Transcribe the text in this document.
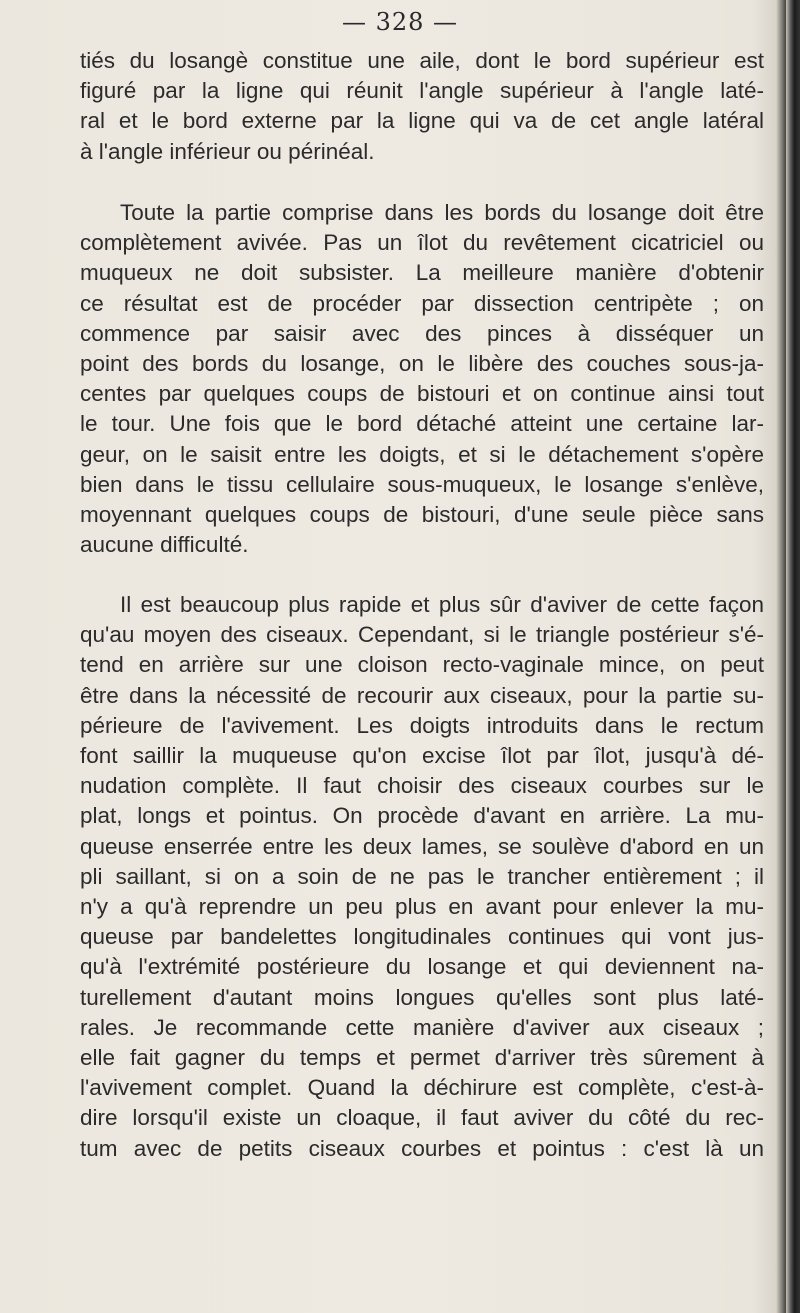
— 328 —
tiés du losangè constitue une aile, dont le bord supérieur est
figuré par la ligne qui réunit l'angle supérieur à l'angle laté-
ral et le bord externe par la ligne qui va de cet angle latéral
à l'angle inférieur ou périnéal.
Toute la partie comprise dans les bords du losange doit être
complètement avivée. Pas un îlot du revêtement cicatriciel ou
muqueux ne doit subsister. La meilleure manière d'obtenir
ce résultat est de procéder par dissection centripète ; on
commence par saisir avec des pinces à disséquer un
point des bords du losange, on le libère des couches sous-ja-
centes par quelques coups de bistouri et on continue ainsi tout
le tour. Une fois que le bord détaché atteint une certaine lar-
geur, on le saisit entre les doigts, et si le détachement s'opère
bien dans le tissu cellulaire sous-muqueux, le losange s'enlève,
moyennant quelques coups de bistouri, d'une seule pièce sans
aucune difficulté.
Il est beaucoup plus rapide et plus sûr d'aviver de cette façon
qu'au moyen des ciseaux. Cependant, si le triangle postérieur s'é-
tend en arrière sur une cloison recto-vaginale mince, on peut
être dans la nécessité de recourir aux ciseaux, pour la partie su-
périeure de l'avivement. Les doigts introduits dans le rectum
font saillir la muqueuse qu'on excise îlot par îlot, jusqu'à dé-
nudation complète. Il faut choisir des ciseaux courbes sur le
plat, longs et pointus. On procède d'avant en arrière. La mu-
queuse enserrée entre les deux lames, se soulève d'abord en un
pli saillant, si on a soin de ne pas le trancher entièrement ; il
n'y a qu'à reprendre un peu plus en avant pour enlever la mu-
queuse par bandelettes longitudinales continues qui vont jus-
qu'à l'extrémité postérieure du losange et qui deviennent na-
turellement d'autant moins longues qu'elles sont plus laté-
rales. Je recommande cette manière d'aviver aux ciseaux ;
elle fait gagner du temps et permet d'arriver très sûrement à
l'avivement complet. Quand la déchirure est complète, c'est-à-
dire lorsqu'il existe un cloaque, il faut aviver du côté du rec-
tum avec de petits ciseaux courbes et pointus : c'est là un
